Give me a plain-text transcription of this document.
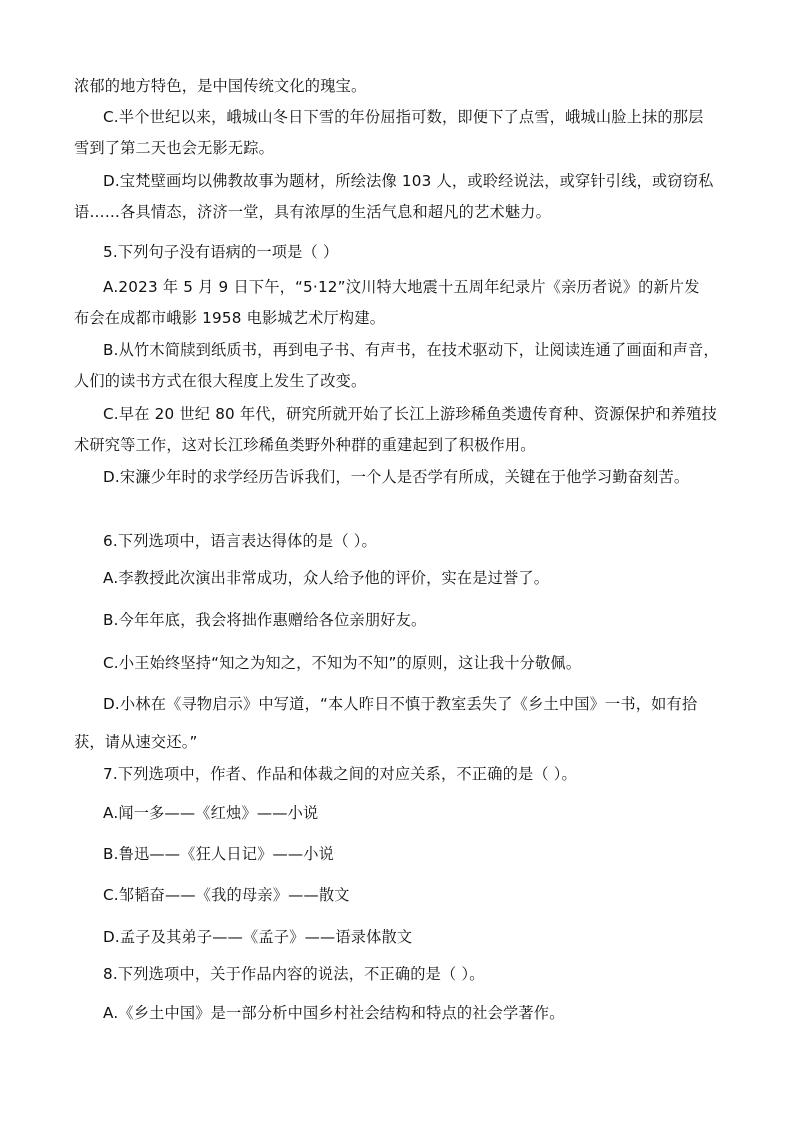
浓郁的地方特色，是中国传统文化的瑰宝。
C.半个世纪以来，峨城山冬日下雪的年份屈指可数，即便下了点雪，峨城山脸上抹的那层
雪到了第二天也会无影无踪。
D.宝梵壁画均以佛教故事为题材，所绘法像 103 人，或聆经说法，或穿针引线，或窃窃私
语……各具情态，济济一堂，具有浓厚的生活气息和超凡的艺术魅力。
5.下列句子没有语病的一项是（ ）
A.2023 年 5 月 9 日下午，“5·12”汶川特大地震十五周年纪录片《亲历者说》的新片发
布会在成都市峨影 1958 电影城艺术厅构建。
B.从竹木简牍到纸质书，再到电子书、有声书，在技术驱动下，让阅读连通了画面和声音，
人们的读书方式在很大程度上发生了改变。
C.早在 20 世纪 80 年代，研究所就开始了长江上游珍稀鱼类遗传育种、资源保护和养殖技
术研究等工作，这对长江珍稀鱼类野外种群的重建起到了积极作用。
D.宋濂少年时的求学经历告诉我们，一个人是否学有所成，关键在于他学习勤奋刻苦。
6.下列选项中，语言表达得体的是（ ）。
A.李教授此次演出非常成功，众人给予他的评价，实在是过誉了。
B.今年年底，我会将拙作惠赠给各位亲朋好友。
C.小王始终坚持“知之为知之，不知为不知”的原则，这让我十分敬佩。
D.小林在《寻物启示》中写道，“本人昨日不慎于教室丢失了《乡土中国》一书，如有拾
获，请从速交还。”
7.下列选项中，作者、作品和体裁之间的对应关系，不正确的是（ ）。
A.闻一多——《红烛》——小说
B.鲁迅——《狂人日记》——小说
C.邹韬奋——《我的母亲》——散文
D.孟子及其弟子——《孟子》——语录体散文
8.下列选项中，关于作品内容的说法，不正确的是（ ）。
A.《乡土中国》是一部分析中国乡村社会结构和特点的社会学著作。
